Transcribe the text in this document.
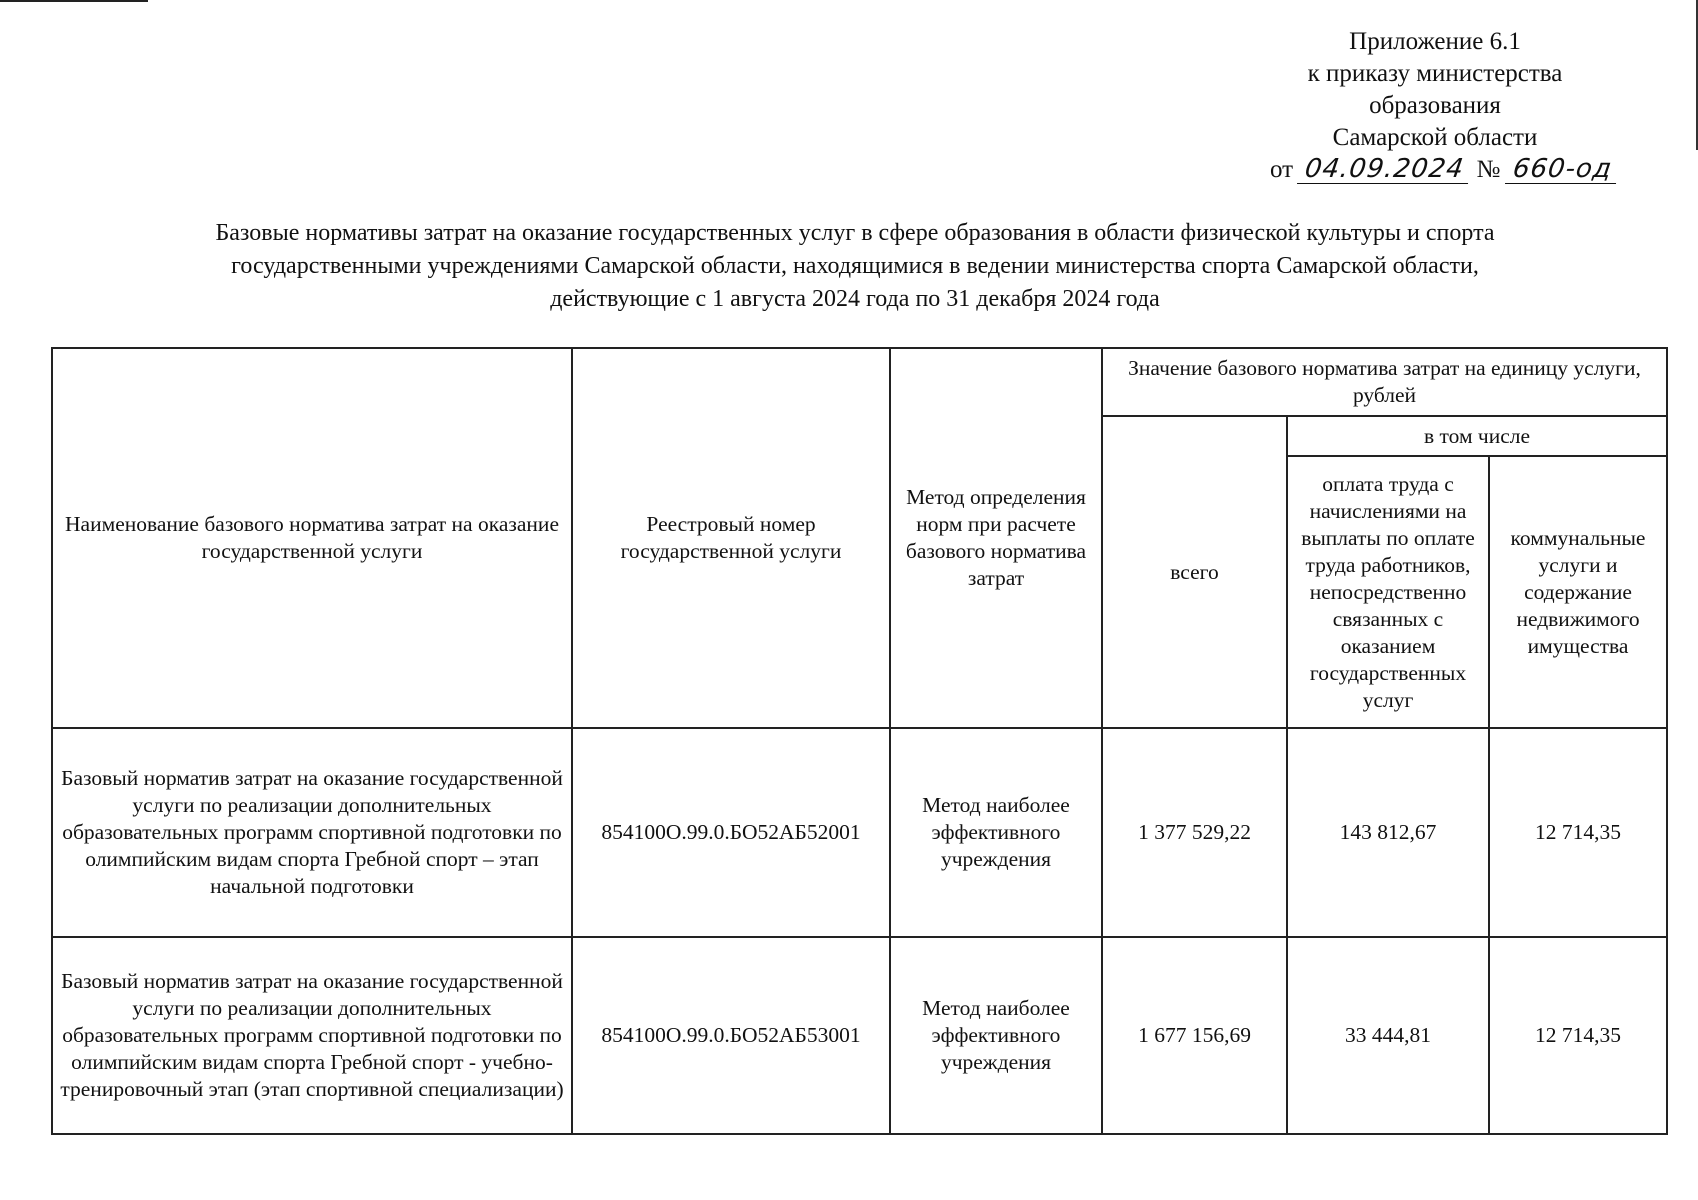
Приложение 6.1
к приказу министерства
образования
Самарской области
от 04.09.2024 № 660-од
Базовые нормативы затрат на оказание государственных услуг в сфере образования в области физической культуры и спорта
государственными учреждениями Самарской области, находящимися в ведении министерства спорта Самарской области,
действующие с 1 августа 2024 года по 31 декабря 2024 года
Наименование базового норматива затрат на оказание государственной услуги	Реестровый номер государственной услуги	Метод определения норм при расчете базового норматива затрат	Значение базового норматива затрат на единицу услуги, рублей		
			всего	в том числе	
				оплата труда с начислениями на выплаты по оплате труда работников, непосредственно связанных с оказанием государственных услуг	коммунальные услуги и содержание недвижимого имущества
Базовый норматив затрат на оказание государственной услуги по реализации дополнительных образовательных программ спортивной подготовки по олимпийским видам спорта Гребной спорт – этап начальной подготовки	854100О.99.0.БО52АБ52001	Метод наиболее эффективного учреждения	1 377 529,22	143 812,67	12 714,35
Базовый норматив затрат на оказание государственной услуги по реализации дополнительных образовательных программ спортивной подготовки по олимпийским видам спорта Гребной спорт - учебно-тренировочный этап (этап спортивной специализации)	854100О.99.0.БО52АБ53001	Метод наиболее эффективного учреждения	1 677 156,69	33 444,81	12 714,35
